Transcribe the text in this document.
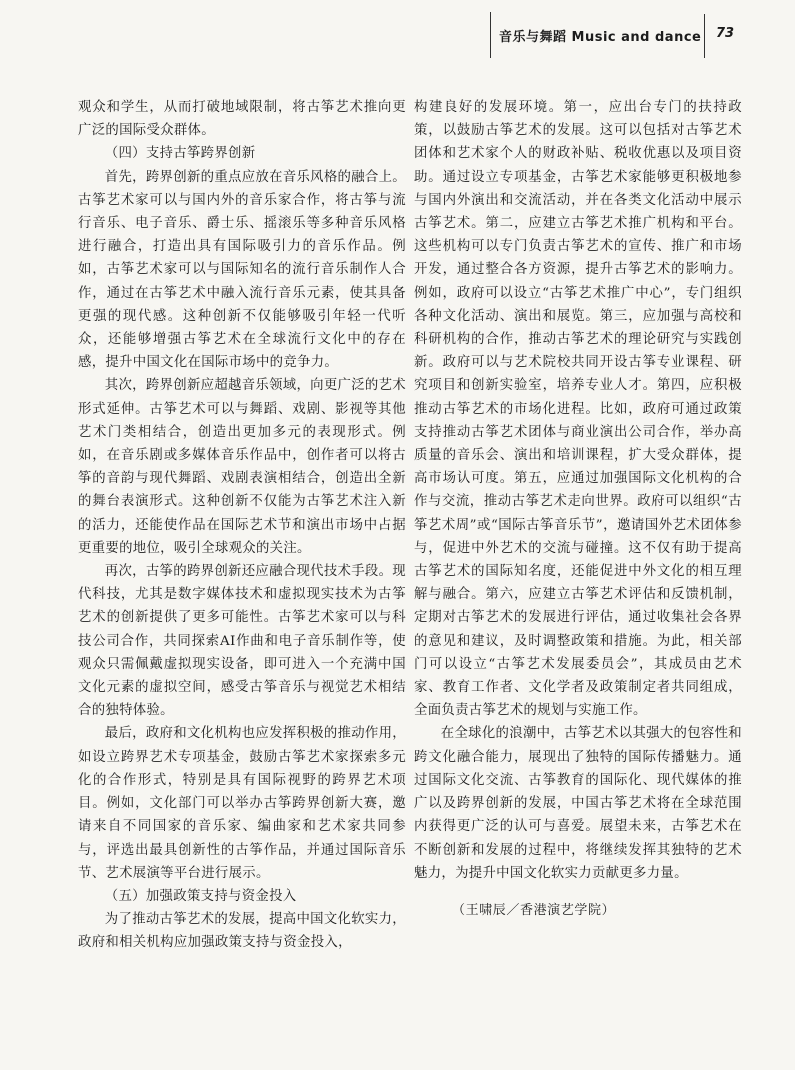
音乐与舞蹈 Music and dance 73

观众和学生，从而打破地域限制，将古筝艺术推向更广泛的国际受众群体。

（四）支持古筝跨界创新

首先，跨界创新的重点应放在音乐风格的融合上。古筝艺术家可以与国内外的音乐家合作，将古筝与流行音乐、电子音乐、爵士乐、摇滚乐等多种音乐风格进行融合，打造出具有国际吸引力的音乐作品。例如，古筝艺术家可以与国际知名的流行音乐制作人合作，通过在古筝艺术中融入流行音乐元素，使其具备更强的现代感。这种创新不仅能够吸引年轻一代听众，还能够增强古筝艺术在全球流行文化中的存在感，提升中国文化在国际市场中的竞争力。

其次，跨界创新应超越音乐领域，向更广泛的艺术形式延伸。古筝艺术可以与舞蹈、戏剧、影视等其他艺术门类相结合，创造出更加多元的表现形式。例如，在音乐剧或多媒体音乐作品中，创作者可以将古筝的音韵与现代舞蹈、戏剧表演相结合，创造出全新的舞台表演形式。这种创新不仅能为古筝艺术注入新的活力，还能使作品在国际艺术节和演出市场中占据更重要的地位，吸引全球观众的关注。

再次，古筝的跨界创新还应融合现代技术手段。现代科技，尤其是数字媒体技术和虚拟现实技术为古筝艺术的创新提供了更多可能性。古筝艺术家可以与科技公司合作，共同探索AI作曲和电子音乐制作等，使观众只需佩戴虚拟现实设备，即可进入一个充满中国文化元素的虚拟空间，感受古筝音乐与视觉艺术相结合的独特体验。

最后，政府和文化机构也应发挥积极的推动作用，如设立跨界艺术专项基金，鼓励古筝艺术家探索多元化的合作形式，特别是具有国际视野的跨界艺术项目。例如，文化部门可以举办古筝跨界创新大赛，邀请来自不同国家的音乐家、编曲家和艺术家共同参与，评选出最具创新性的古筝作品，并通过国际音乐节、艺术展演等平台进行展示。

（五）加强政策支持与资金投入

为了推动古筝艺术的发展，提高中国文化软实力，政府和相关机构应加强政策支持与资金投入，

构建良好的发展环境。第一，应出台专门的扶持政策，以鼓励古筝艺术的发展。这可以包括对古筝艺术团体和艺术家个人的财政补贴、税收优惠以及项目资助。通过设立专项基金，古筝艺术家能够更积极地参与国内外演出和交流活动，并在各类文化活动中展示古筝艺术。第二，应建立古筝艺术推广机构和平台。这些机构可以专门负责古筝艺术的宣传、推广和市场开发，通过整合各方资源，提升古筝艺术的影响力。例如，政府可以设立“古筝艺术推广中心”，专门组织各种文化活动、演出和展览。第三，应加强与高校和科研机构的合作，推动古筝艺术的理论研究与实践创新。政府可以与艺术院校共同开设古筝专业课程、研究项目和创新实验室，培养专业人才。第四，应积极推动古筝艺术的市场化进程。比如，政府可通过政策支持推动古筝艺术团体与商业演出公司合作，举办高质量的音乐会、演出和培训课程，扩大受众群体，提高市场认可度。第五，应通过加强国际文化机构的合作与交流，推动古筝艺术走向世界。政府可以组织“古筝艺术周”或“国际古筝音乐节”，邀请国外艺术团体参与，促进中外艺术的交流与碰撞。这不仅有助于提高古筝艺术的国际知名度，还能促进中外文化的相互理解与融合。第六，应建立古筝艺术评估和反馈机制，定期对古筝艺术的发展进行评估，通过收集社会各界的意见和建议，及时调整政策和措施。为此，相关部门可以设立“古筝艺术发展委员会”，其成员由艺术家、教育工作者、文化学者及政策制定者共同组成，全面负责古筝艺术的规划与实施工作。

在全球化的浪潮中，古筝艺术以其强大的包容性和跨文化融合能力，展现出了独特的国际传播魅力。通过国际文化交流、古筝教育的国际化、现代媒体的推广以及跨界创新的发展，中国古筝艺术将在全球范围内获得更广泛的认可与喜爱。展望未来，古筝艺术在不断创新和发展的过程中，将继续发挥其独特的艺术魅力，为提升中国文化软实力贡献更多力量。

（王啸辰／香港演艺学院）
